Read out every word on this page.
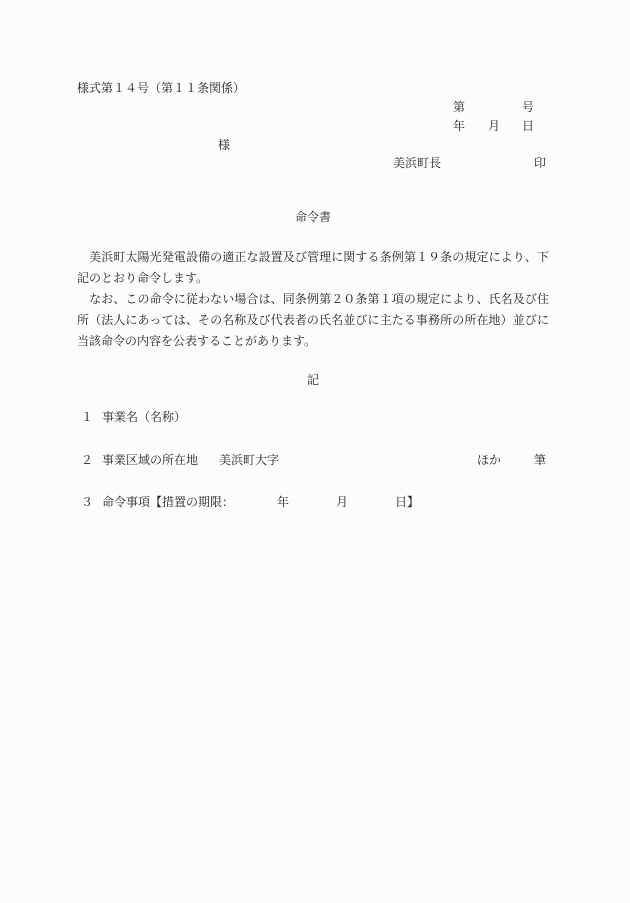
様式第１４号（第１１条関係）
第	号
年 月 日
様
美浜町長	印
命令書
　美浜町太陽光発電設備の適正な設置及び管理に関する条例第１９条の規定により、下記のとおり命令します。
　なお、この命令に従わない場合は、同条例第２０条第１項の規定により、氏名及び住所（法人にあっては、その名称及び代表者の氏名並びに主たる事務所の所在地）並びに当該命令の内容を公表することがあります。
記
１ 事業名（名称）
２ 事業区域の所在地 美浜町大字	ほか	筆
３ 命令事項【措置の期限：	年	月	日】
